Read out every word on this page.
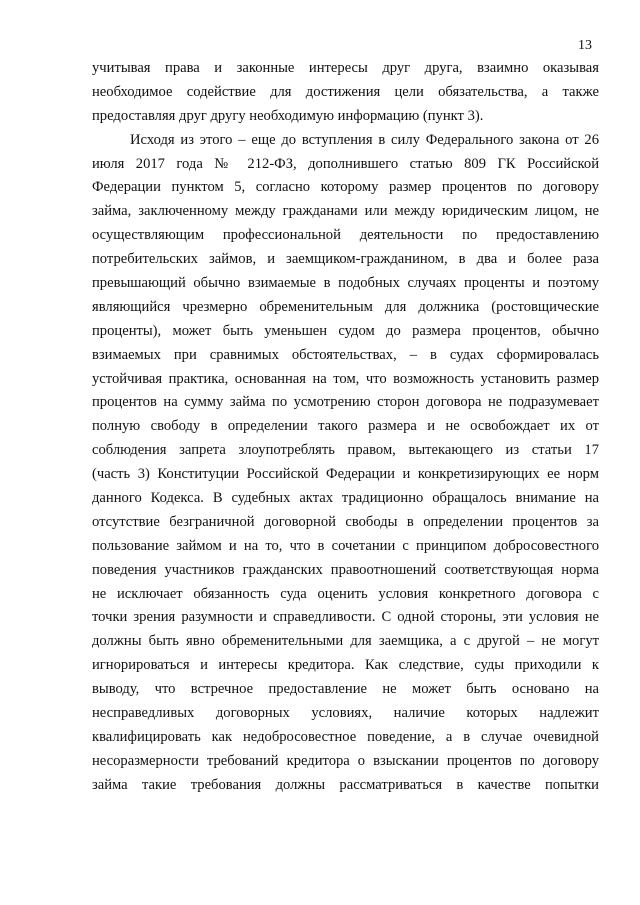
13
учитывая права и законные интересы друг друга, взаимно оказывая
необходимое содействие для достижения цели обязательства, а также
предоставляя друг другу необходимую информацию (пункт 3).
Исходя из этого – еще до вступления в силу Федерального закона от 26
июля 2017 года № 212-ФЗ, дополнившего статью 809 ГК Российской
Федерации пунктом 5, согласно которому размер процентов по договору
займа, заключенному между гражданами или между юридическим лицом, не
осуществляющим профессиональной деятельности по предоставлению
потребительских займов, и заемщиком-гражданином, в два и более раза
превышающий обычно взимаемые в подобных случаях проценты и поэтому
являющийся чрезмерно обременительным для должника (ростовщические
проценты), может быть уменьшен судом до размера процентов, обычно
взимаемых при сравнимых обстоятельствах, – в судах сформировалась
устойчивая практика, основанная на том, что возможность установить размер
процентов на сумму займа по усмотрению сторон договора не подразумевает
полную свободу в определении такого размера и не освобождает их от
соблюдения запрета злоупотреблять правом, вытекающего из статьи 17
(часть 3) Конституции Российской Федерации и конкретизирующих ее норм
данного Кодекса. В судебных актах традиционно обращалось внимание на
отсутствие безграничной договорной свободы в определении процентов за
пользование займом и на то, что в сочетании с принципом добросовестного
поведения участников гражданских правоотношений соответствующая норма
не исключает обязанность суда оценить условия конкретного договора с
точки зрения разумности и справедливости. С одной стороны, эти условия не
должны быть явно обременительными для заемщика, а с другой – не могут
игнорироваться и интересы кредитора. Как следствие, суды приходили к
выводу, что встречное предоставление не может быть основано на
несправедливых договорных условиях, наличие которых надлежит
квалифицировать как недобросовестное поведение, а в случае очевидной
несоразмерности требований кредитора о взыскании процентов по договору
займа такие требования должны рассматриваться в качестве попытки
